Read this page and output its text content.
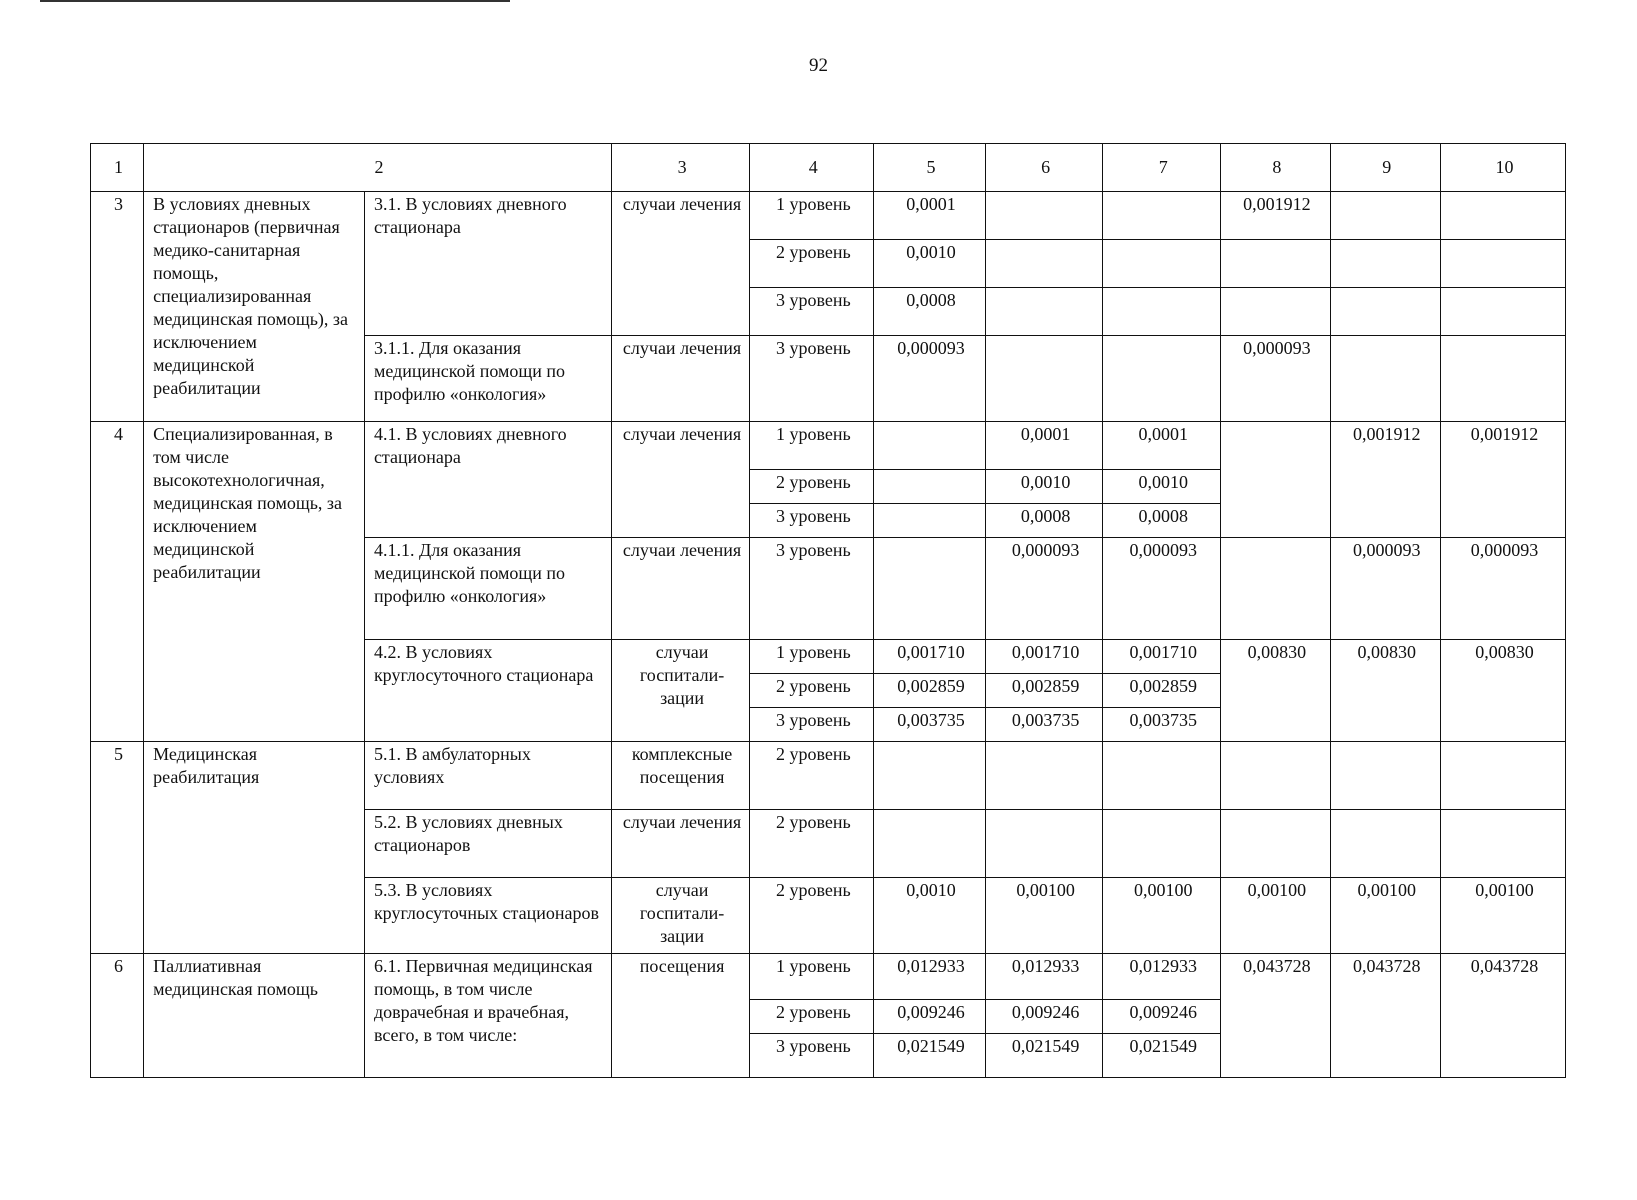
92
1	2		3	4	5	6	7	8	9	10
3	В условиях дневных стационаров (первичная медико-санитарная помощь, специализированная медицинская помощь), за исключением медицинской реабилитации	3.1. В условиях дневного стационара	случаи лечения	1 уровень	0,0001			0,001912		
				2 уровень	0,0010					
				3 уровень	0,0008					
		3.1.1. Для оказания медицинской помощи по профилю «онкология»	случаи лечения	3 уровень	0,000093			0,000093		
4	Специализированная, в том числе высокотехнологичная, медицинская помощь, за исключением медицинской реабилитации	4.1. В условиях дневного стационара	случаи лечения	1 уровень		0,0001	0,0001		0,001912	0,001912
				2 уровень		0,0010	0,0010			
				3 уровень		0,0008	0,0008			
		4.1.1. Для оказания медицинской помощи по профилю «онкология»	случаи лечения	3 уровень		0,000093	0,000093		0,000093	0,000093
		4.2. В условиях круглосуточного стационара	случаи госпитали-зации	1 уровень	0,001710	0,001710	0,001710	0,00830	0,00830	0,00830
				2 уровень	0,002859	0,002859	0,002859			
				3 уровень	0,003735	0,003735	0,003735			
5	Медицинская реабилитация	5.1. В амбулаторных условиях	комплексные посещения	2 уровень						
		5.2. В условиях дневных стационаров	случаи лечения	2 уровень						
		5.3. В условиях круглосуточных стационаров	случаи госпитали-зации	2 уровень	0,0010	0,00100	0,00100	0,00100	0,00100	0,00100
6	Паллиативная медицинская помощь	6.1. Первичная медицинская помощь, в том числе доврачебная и врачебная, всего, в том числе:	посещения	1 уровень	0,012933	0,012933	0,012933	0,043728	0,043728	0,043728
				2 уровень	0,009246	0,009246	0,009246			
				3 уровень	0,021549	0,021549	0,021549			
